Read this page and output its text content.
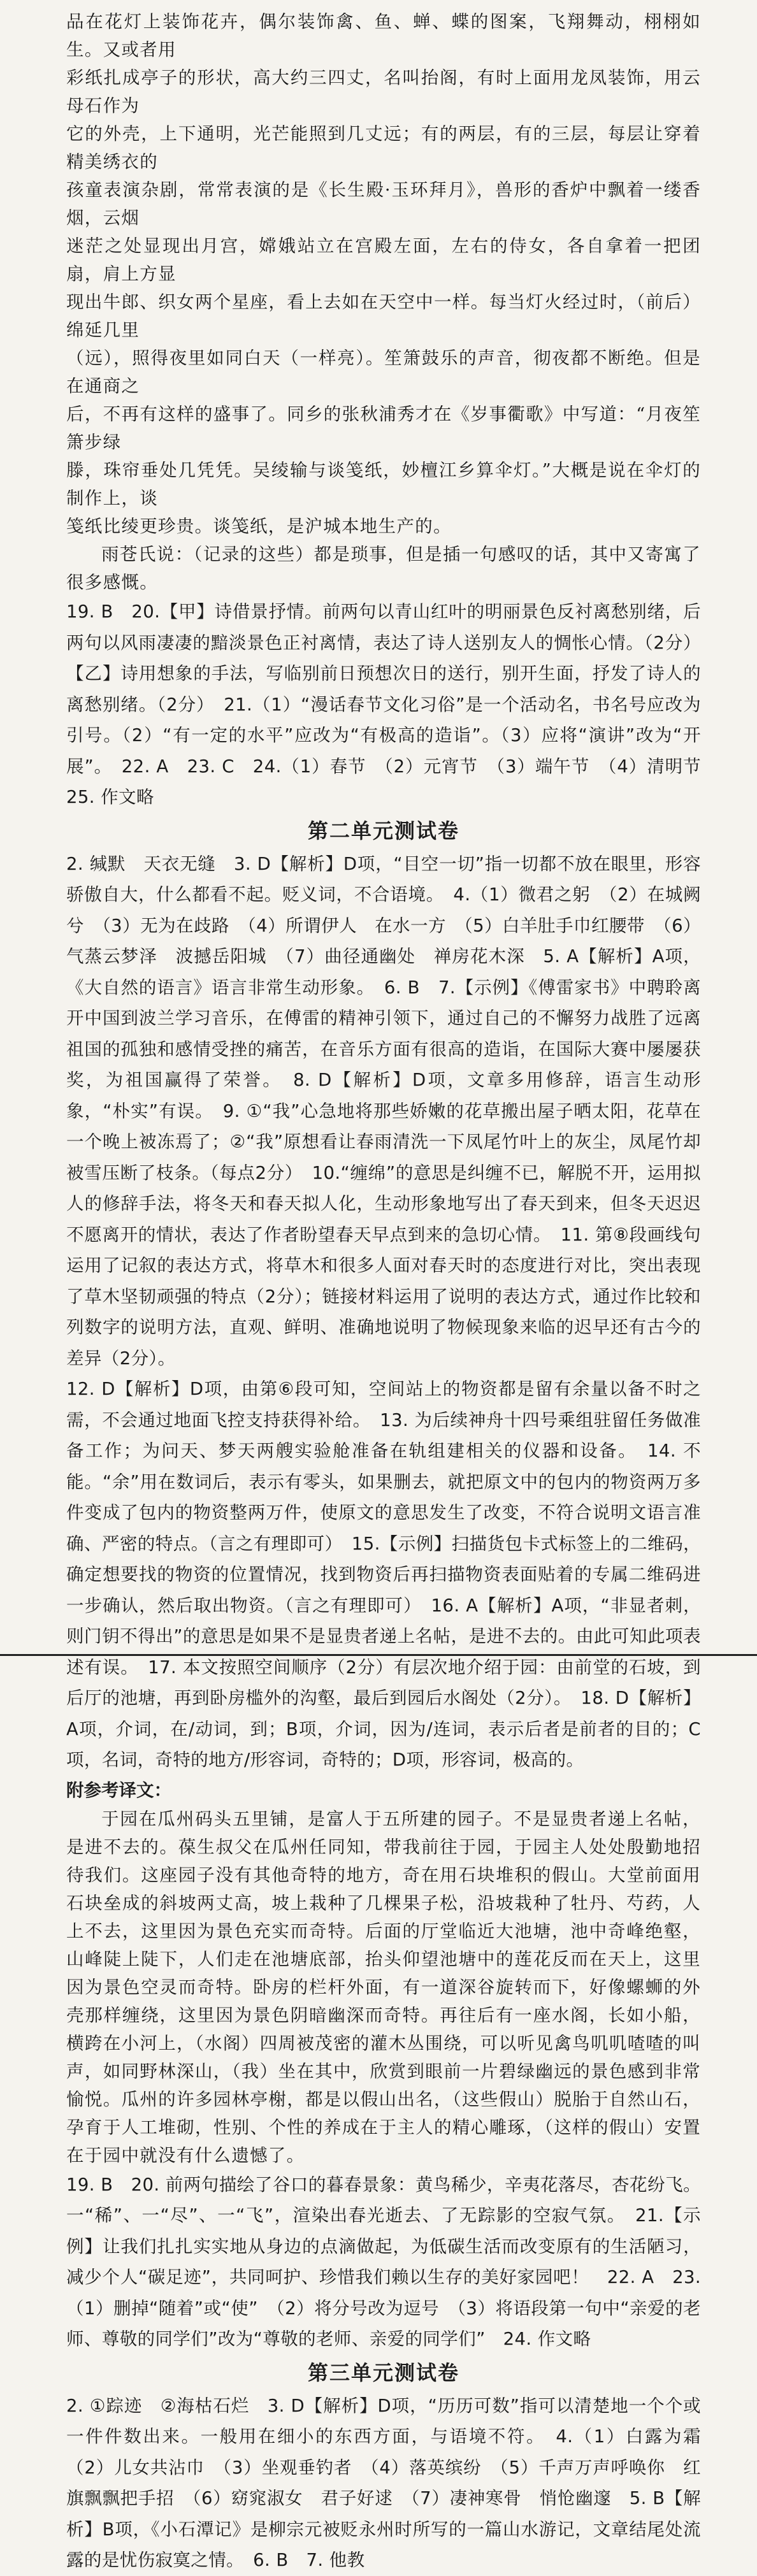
品在花灯上装饰花卉，偶尔装饰禽、鱼、蝉、蝶的图案，飞翔舞动，栩栩如生。又或者用

彩纸扎成亭子的形状，高大约三四丈，名叫抬阁，有时上面用龙凤装饰，用云母石作为

它的外壳，上下通明，光芒能照到几丈远；有的两层，有的三层，每层让穿着精美绣衣的

孩童表演杂剧，常常表演的是《长生殿·玉环拜月》，兽形的香炉中飘着一缕香烟，云烟

迷茫之处显现出月宫，嫦娥站立在宫殿左面，左右的侍女，各自拿着一把团扇，肩上方显

现出牛郎、织女两个星座，看上去如在天空中一样。每当灯火经过时，（前后）绵延几里

（远），照得夜里如同白天（一样亮）。笙箫鼓乐的声音，彻夜都不断绝。但是在通商之

后，不再有这样的盛事了。同乡的张秋浦秀才在《岁事衢歌》中写道：“月夜笙箫步绿

滕，珠帘垂处几凭凭。吴绫输与谈笺纸，妙檀江乡算伞灯。”大概是说在伞灯的制作上，谈

笺纸比绫更珍贵。谈笺纸，是沪城本地生产的。

雨苍氏说：（记录的这些）都是琐事，但是插一句感叹的话，其中又寄寓了很多感慨。

19. B　20.【甲】诗借景抒情。前两句以青山红叶的明丽景色反衬离愁别绪，后两句以风雨凄凄的黯淡景色正衬离情，表达了诗人送别友人的惆怅心情。（2分）【乙】诗用想象的手法，写临别前日预想次日的送行，别开生面，抒发了诗人的离愁别绪。（2分）　21.（1）“漫话春节文化习俗”是一个活动名，书名号应改为引号。（2）“有一定的水平”应改为“有极高的造诣”。（3）应将“演讲”改为“开展”。　22. A　23. C　24.（1）春节　（2）元宵节　（3）端午节　（4）清明节　25. 作文略

第二单元测试卷

2. 缄默　天衣无缝　3. D【解析】D项，“目空一切”指一切都不放在眼里，形容骄傲自大，什么都看不起。贬义词，不合语境。　4.（1）微君之躬　（2）在城阙兮　（3）无为在歧路　（4）所谓伊人　在水一方　（5）白羊肚手巾红腰带　（6）气蒸云梦泽　波撼岳阳城　（7）曲径通幽处　禅房花木深　5. A【解析】A项，《大自然的语言》语言非常生动形象。　6. B　7.【示例】《傅雷家书》中聘聆离开中国到波兰学习音乐，在傅雷的精神引领下，通过自己的不懈努力战胜了远离祖国的孤独和感情受挫的痛苦，在音乐方面有很高的造诣，在国际大赛中屡屡获奖，为祖国赢得了荣誉。　8. D【解析】D项，文章多用修辞，语言生动形象，“朴实”有误。　9. ①“我”心急地将那些娇嫩的花草搬出屋子晒太阳，花草在一个晚上被冻焉了；②“我”原想看让春雨清洗一下凤尾竹叶上的灰尘，凤尾竹却被雪压断了枝条。（每点2分）　10.“缠绵”的意思是纠缠不已，解脱不开，运用拟人的修辞手法，将冬天和春天拟人化，生动形象地写出了春天到来，但冬天迟迟不愿离开的情状，表达了作者盼望春天早点到来的急切心情。　11. 第⑧段画线句运用了记叙的表达方式，将草木和很多人面对春天时的态度进行对比，突出表现了草木坚韧顽强的特点（2分）；链接材料运用了说明的表达方式，通过作比较和列数字的说明方法，直观、鲜明、准确地说明了物候现象来临的迟早还有古今的差异（2分）。

12. D【解析】D项，由第⑥段可知，空间站上的物资都是留有余量以备不时之需，不会通过地面飞控支持获得补给。　13. 为后续神舟十四号乘组驻留任务做准备工作；为问天、梦天两艘实验舱准备在轨组建相关的仪器和设备。　14. 不能。“余”用在数词后，表示有零头，如果删去，就把原文中的包内的物资两万多件变成了包内的物资整两万件，使原文的意思发生了改变，不符合说明文语言准确、严密的特点。（言之有理即可）　15.【示例】扫描货包卡式标签上的二维码，确定想要找的物资的位置情况，找到物资后再扫描物资表面贴着的专属二维码进一步确认，然后取出物资。（言之有理即可）　16. A【解析】A项，“非显者刺，则门钥不得出”的意思是如果不是显贵者递上名帖，是进不去的。由此可知此项表述有误。　17. 本文按照空间顺序（2分）有层次地介绍于园：由前堂的石坡，到后厅的池塘，再到卧房槛外的沟壑，最后到园后水阁处（2分）。　18. D【解析】A项，介词，在/动词，到；B项，介词，因为/连词，表示后者是前者的目的；C项，名词，奇特的地方/形容词，奇特的；D项，形容词，极高的。

附参考译文：

于园在瓜州码头五里铺，是富人于五所建的园子。不是显贵者递上名帖，是进不去的。葆生叔父在瓜州任同知，带我前往于园，于园主人处处殷勤地招待我们。这座园子没有其他奇特的地方，奇在用石块堆积的假山。大堂前面用石块垒成的斜坡两丈高，坡上栽种了几棵果子松，沿坡栽种了牡丹、芍药，人上不去，这里因为景色充实而奇特。后面的厅堂临近大池塘，池中奇峰绝壑，山峰陡上陡下，人们走在池塘底部，抬头仰望池塘中的莲花反而在天上，这里因为景色空灵而奇特。卧房的栏杆外面，有一道深谷旋转而下，好像螺蛳的外壳那样缠绕，这里因为景色阴暗幽深而奇特。再往后有一座水阁，长如小船，横跨在小河上，（水阁）四周被茂密的灌木丛围绕，可以听见禽鸟叽叽喳喳的叫声，如同野林深山，（我）坐在其中，欣赏到眼前一片碧绿幽远的景色感到非常愉悦。瓜州的许多园林亭榭，都是以假山出名，（这些假山）脱胎于自然山石，孕育于人工堆砌，性别、个性的养成在于主人的精心雕琢，（这样的假山）安置在于园中就没有什么遗憾了。

19. B　20. 前两句描绘了谷口的暮春景象：黄鸟稀少，辛夷花落尽，杏花纷飞。一“稀”、一“尽”、一“飞”，渲染出春光逝去、了无踪影的空寂气氛。　21.【示例】让我们扎扎实实地从身边的点滴做起，为低碳生活而改变原有的生活陋习，减少个人“碳足迹”，共同呵护、珍惜我们赖以生存的美好家园吧！　22. A　23.（1）删掉“随着”或“使”　（2）将分号改为逗号　（3）将语段第一句中“亲爱的老师、尊敬的同学们”改为“尊敬的老师、亲爱的同学们”　24. 作文略

第三单元测试卷

2. ①踪迹　②海枯石烂　3. D【解析】D项，“历历可数”指可以清楚地一个个或一件件数出来。一般用在细小的东西方面，与语境不符。　4.（1）白露为霜　（2）儿女共沾巾　（3）坐观垂钓者　（4）落英缤纷　（5）千声万声呼唤你　红旗飘飘把手招　（6）窈窕淑女　君子好逑　（7）凄神寒骨　悄怆幽邃　5. B【解析】B项，《小石潭记》是柳宗元被贬永州时所写的一篇山水游记，文章结尾处流露的是忧伤寂寞之情。　6. B　7. 他教
